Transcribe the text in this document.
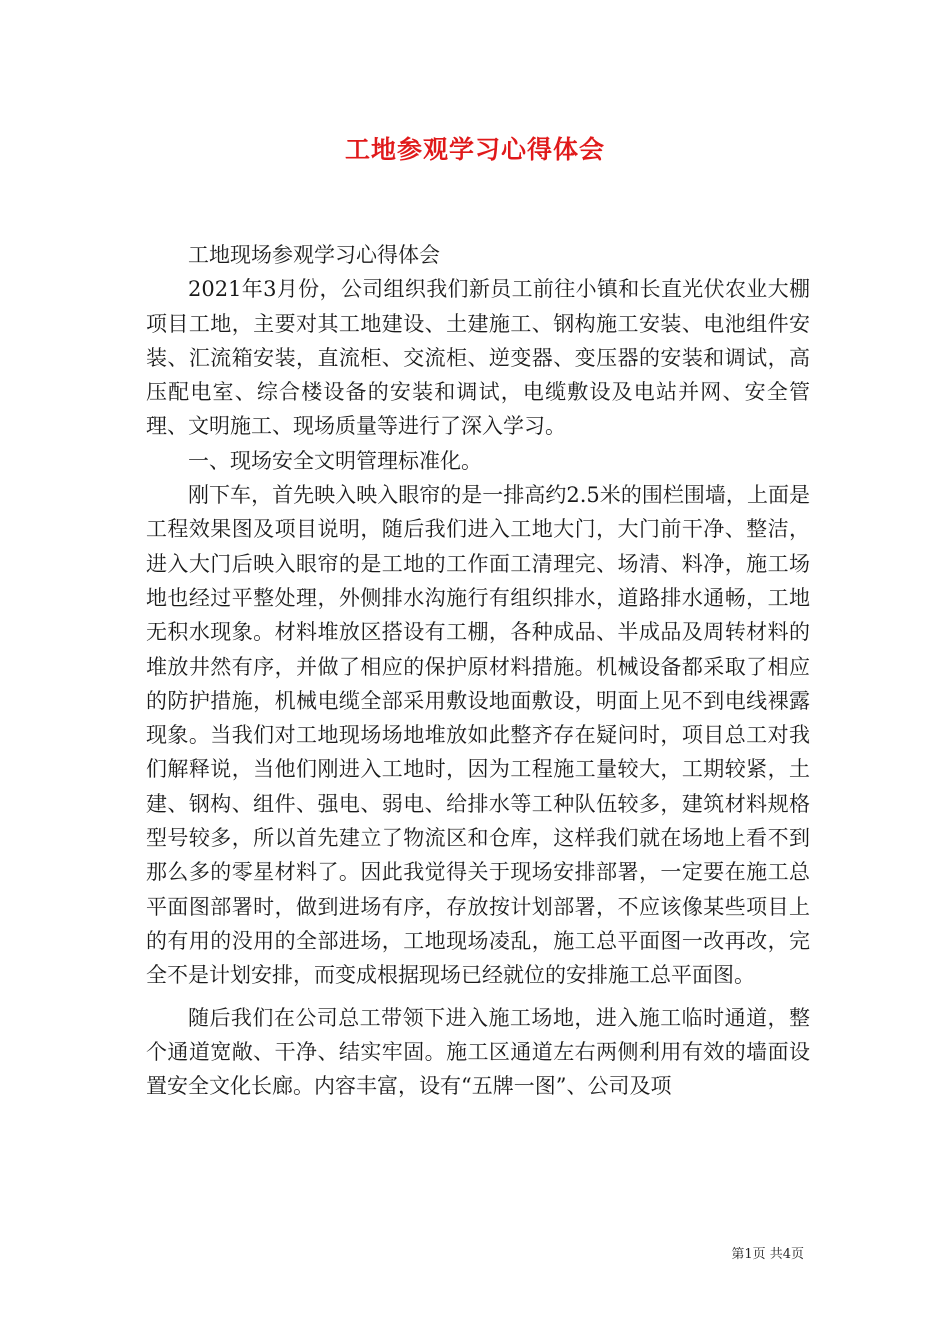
工地参观学习心得体会

工地现场参观学习心得体会

2021年3月份，公司组织我们新员工前往小镇和长直光伏农业大棚项目工地，主要对其工地建设、土建施工、钢构施工安装、电池组件安装、汇流箱安装，直流柜、交流柜、逆变器、变压器的安装和调试，高压配电室、综合楼设备的安装和调试，电缆敷设及电站并网、安全管理、文明施工、现场质量等进行了深入学习。

一、现场安全文明管理标准化。

刚下车，首先映入映入眼帘的是一排高约2.5米的围栏围墙，上面是工程效果图及项目说明，随后我们进入工地大门，大门前干净、整洁，进入大门后映入眼帘的是工地的工作面工清理完、场清、料净，施工场地也经过平整处理，外侧排水沟施行有组织排水，道路排水通畅，工地无积水现象。材料堆放区搭设有工棚，各种成品、半成品及周转材料的堆放井然有序，并做了相应的保护原材料措施。机械设备都采取了相应的防护措施，机械电缆全部采用敷设地面敷设，明面上见不到电线裸露现象。当我们对工地现场场地堆放如此整齐存在疑问时，项目总工对我们解释说，当他们刚进入工地时，因为工程施工量较大，工期较紧，土建、钢构、组件、强电、弱电、给排水等工种队伍较多，建筑材料规格型号较多，所以首先建立了物流区和仓库，这样我们就在场地上看不到那么多的零星材料了。因此我觉得关于现场安排部署，一定要在施工总平面图部署时，做到进场有序，存放按计划部署，不应该像某些项目上的有用的没用的全部进场，工地现场凌乱，施工总平面图一改再改，完全不是计划安排，而变成根据现场已经就位的安排施工总平面图。

随后我们在公司总工带领下进入施工场地，进入施工临时通道，整个通道宽敞、干净、结实牢固。施工区通道左右两侧利用有效的墙面设置安全文化长廊。内容丰富，设有“五牌一图”、公司及项

第1页 共4页
